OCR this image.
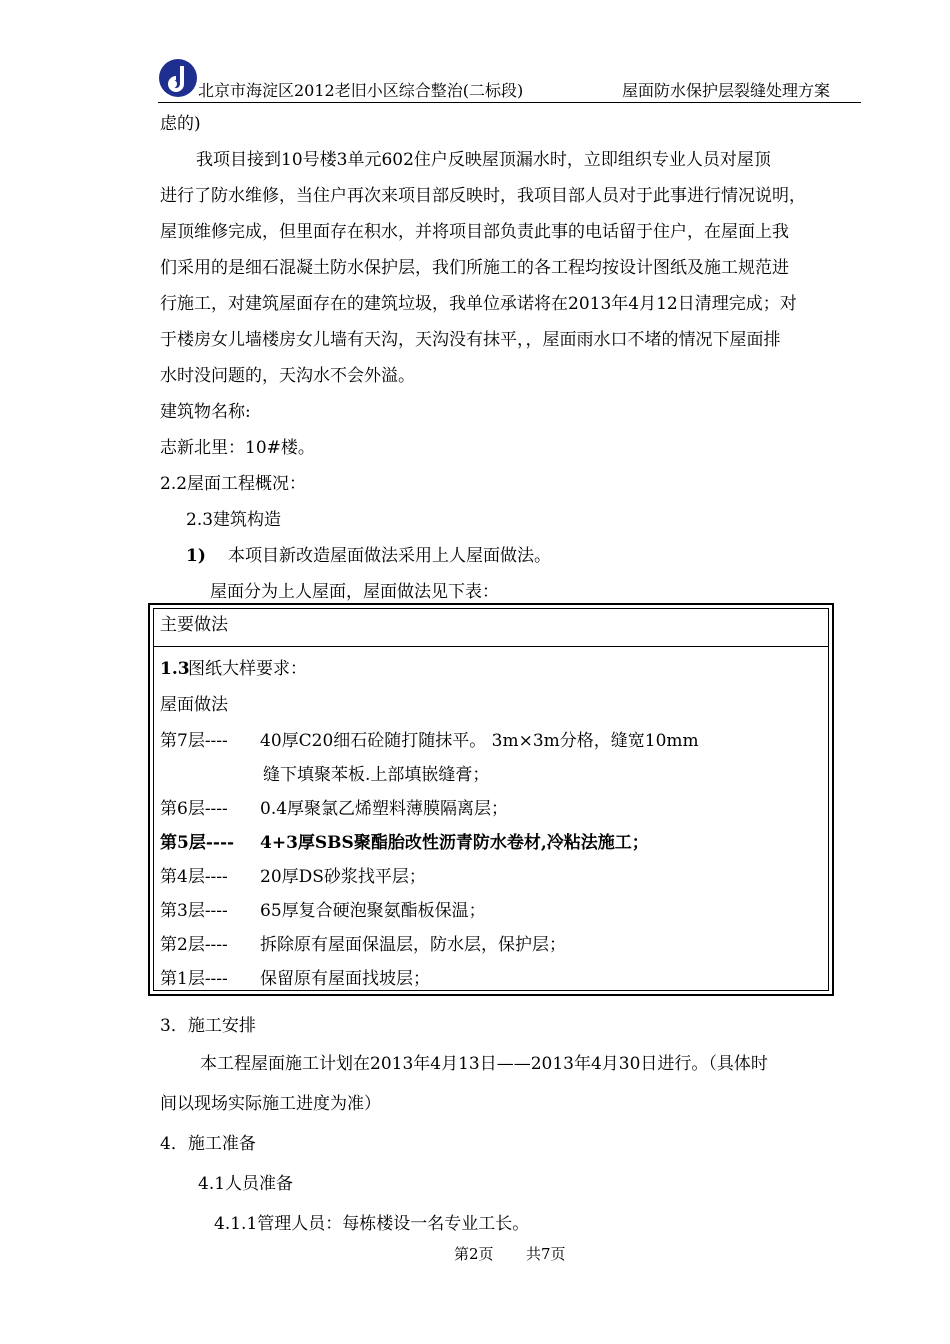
北京市海淀区2012老旧小区综合整治(二标段)	屋面防水保护层裂缝处理方案
虑的)
我项目接到10号楼3单元602住户反映屋顶漏水时，立即组织专业人员对屋顶
进行了防水维修，当住户再次来项目部反映时，我项目部人员对于此事进行情况说明，
屋顶维修完成，但里面存在积水，并将项目部负责此事的电话留于住户，在屋面上我
们采用的是细石混凝土防水保护层，我们所施工的各工程均按设计图纸及施工规范进
行施工，对建筑屋面存在的建筑垃圾，我单位承诺将在2013年4月12日清理完成；对
于楼房女儿墙楼房女儿墙有天沟，天沟没有抹平，，屋面雨水口不堵的情况下屋面排
水时没问题的，天沟水不会外溢。
建筑物名称:
志新北里：10#楼。
2.2屋面工程概况：
2.3建筑构造
1) 本项目新改造屋面做法采用上人屋面做法。
屋面分为上人屋面，屋面做法见下表：
主要做法
1.3
图纸大样要求：
屋面做法
第7层---- 40厚C20细石砼随打随抹平。 3m×3m分格，缝宽10mm
缝下填聚苯板.上部填嵌缝膏；
第6层---- 0.4厚聚氯乙烯塑料薄膜隔离层；
第5层---- 4+3厚SBS聚酯胎改性沥青防水卷材,冷粘法施工；
第4层---- 20厚DS砂浆找平层；
第3层---- 65厚复合硬泡聚氨酯板保温；
第2层---- 拆除原有屋面保温层，防水层，保护层；
第1层---- 保留原有屋面找坡层；
3．施工安排
本工程屋面施工计划在2013年4月13日——2013年4月30日进行。（具体时
间以现场实际施工进度为准）
4．施工准备
4.1人员准备
4.1.1管理人员：每栋楼设一名专业工长。
第2页 共7页
